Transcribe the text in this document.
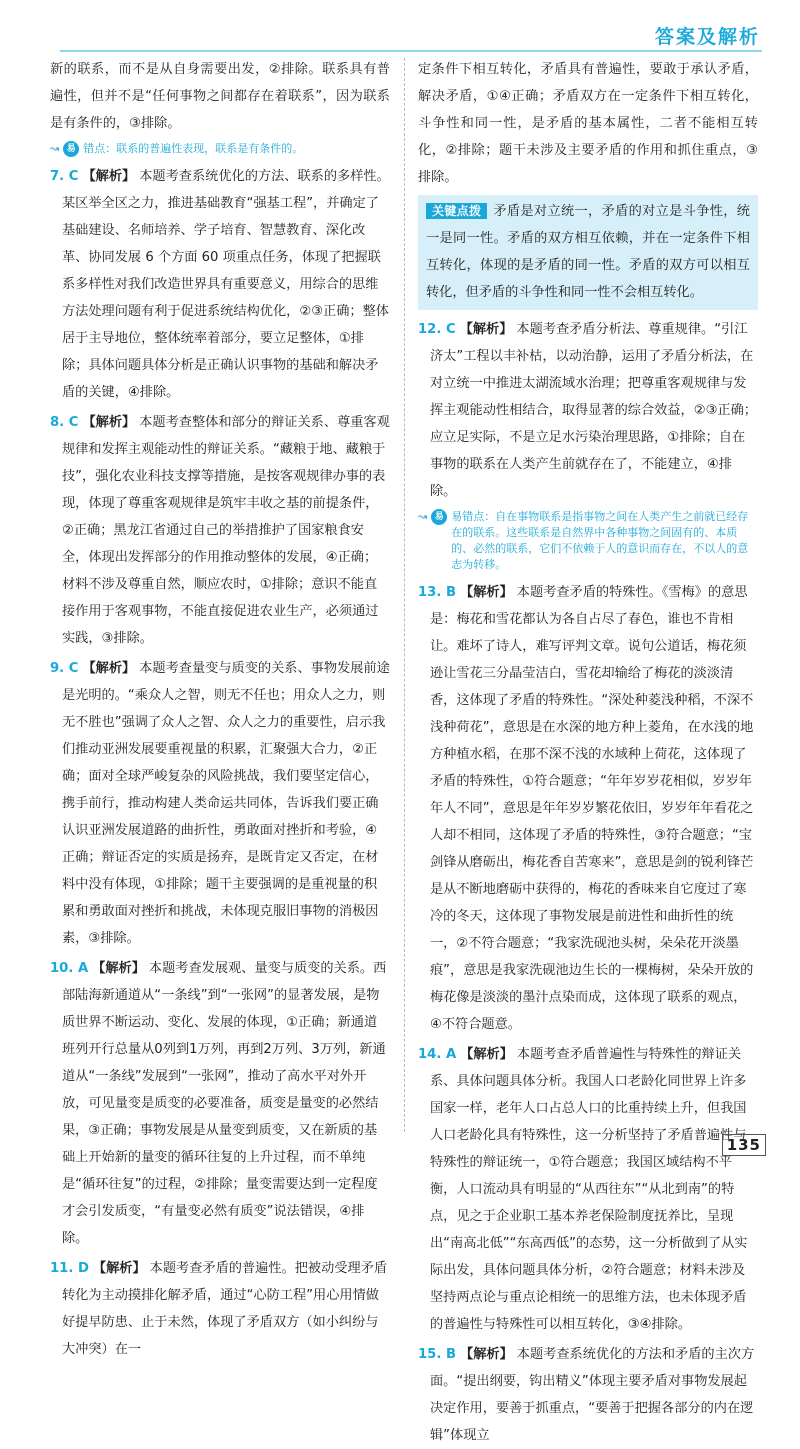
答案及解析

新的联系，而不是从自身需要出发，②排除。联系具有普遍性，但并不是“任何事物之间都存在着联系”，因为联系是有条件的，③排除。

↝ 易 错点：联系的普遍性表现，联系是有条件的。
7. C 【解析】 本题考查系统优化的方法、联系的多样性。某区举全区之力，推进基础教育“强基工程”，并确定了基础建设、名师培养、学子培育、智慧教育、深化改革、协同发展 6 个方面 60 项重点任务，体现了把握联系多样性对我们改造世界具有重要意义，用综合的思维方法处理问题有利于促进系统结构优化，②③正确；整体居于主导地位，整体统率着部分，要立足整体，①排除；具体问题具体分析是正确认识事物的基础和解决矛盾的关键，④排除。
8. C 【解析】 本题考查整体和部分的辩证关系、尊重客观规律和发挥主观能动性的辩证关系。“藏粮于地、藏粮于技”，强化农业科技支撑等措施，是按客观规律办事的表现，体现了尊重客观规律是筑牢丰收之基的前提条件，②正确；黑龙江省通过自己的举措推护了国家粮食安全，体现出发挥部分的作用推动整体的发展，④正确；材料不涉及尊重自然，顺应农时，①排除；意识不能直接作用于客观事物，不能直接促进农业生产，必须通过实践，③排除。
9. C 【解析】 本题考查量变与质变的关系、事物发展前途是光明的。“乘众人之智，则无不任也；用众人之力，则无不胜也”强调了众人之智、众人之力的重要性，启示我们推动亚洲发展要重视量的积累，汇聚强大合力，②正确；面对全球严峻复杂的风险挑战，我们要坚定信心，携手前行，推动构建人类命运共同体，告诉我们要正确认识亚洲发展道路的曲折性，勇敢面对挫折和考验，④正确；辩证否定的实质是扬弃，是既肯定又否定，在材料中没有体现，①排除；题干主要强调的是重视量的积累和勇敢面对挫折和挑战，未体现克服旧事物的消极因素，③排除。
10. A 【解析】 本题考查发展观、量变与质变的关系。西部陆海新通道从“一条线”到“一张网”的显著发展，是物质世界不断运动、变化、发展的体现，①正确；新通道班列开行总量从0列到1万列，再到2万列、3万列，新通道从“一条线”发展到“一张网”，推动了高水平对外开放，可见量变是质变的必要准备，质变是量变的必然结果，③正确；事物发展是从量变到质变，又在新质的基础上开始新的量变的循环往复的上升过程，而不单纯是“循环往复”的过程，②排除；量变需要达到一定程度才会引发质变，“有量变必然有质变”说法错误，④排除。
11. D 【解析】 本题考查矛盾的普遍性。把被动受理矛盾转化为主动摸排化解矛盾，通过“心防工程”用心用情做好提早防患、止于未然，体现了矛盾双方（如小纠纷与大冲突）在一

定条件下相互转化，矛盾具有普遍性，要敢于承认矛盾，解决矛盾，①④正确；矛盾双方在一定条件下相互转化，斗争性和同一性，是矛盾的基本属性，二者不能相互转化，②排除；题干未涉及主要矛盾的作用和抓住重点，③排除。

关键点拨 矛盾是对立统一，矛盾的对立是斗争性，统一是同一性。矛盾的双方相互依赖，并在一定条件下相互转化，体现的是矛盾的同一性。矛盾的双方可以相互转化，但矛盾的斗争性和同一性不会相互转化。
12. C 【解析】 本题考查矛盾分析法、尊重规律。“引江济太”工程以丰补枯，以动治静，运用了矛盾分析法，在对立统一中推进太湖流域水治理；把尊重客观规律与发挥主观能动性相结合，取得显著的综合效益，②③正确；应立足实际，不是立足水污染治理思路，①排除；自在事物的联系在人类产生前就存在了，不能建立，④排除。
↝ 易 易错点：自在事物联系是指事物之间在人类产生之前就已经存在的联系。这些联系是自然界中各种事物之间固有的、本质的、必然的联系，它们不依赖于人的意识而存在，不以人的意志为转移。
13. B 【解析】 本题考查矛盾的特殊性。《雪梅》的意思是：梅花和雪花都认为各自占尽了春色，谁也不肯相让。难坏了诗人，难写评判文章。说句公道话，梅花须逊让雪花三分晶莹洁白，雪花却输给了梅花的淡淡清香，这体现了矛盾的特殊性。“深处种菱浅种稻，不深不浅种荷花”，意思是在水深的地方种上菱角，在水浅的地方种植水稻，在那不深不浅的水域种上荷花，这体现了矛盾的特殊性，①符合题意；“年年岁岁花相似，岁岁年年人不同”，意思是年年岁岁繁花依旧，岁岁年年看花之人却不相同，这体现了矛盾的特殊性，③符合题意；“宝剑锋从磨砺出，梅花香自苦寒来”，意思是剑的锐利锋芒是从不断地磨砺中获得的，梅花的香味来自它度过了寒冷的冬天，这体现了事物发展是前进性和曲折性的统一，②不符合题意；“我家洗砚池头树，朵朵花开淡墨痕”，意思是我家洗砚池边生长的一棵梅树，朵朵开放的梅花像是淡淡的墨汁点染而成，这体现了联系的观点，④不符合题意。
14. A 【解析】 本题考查矛盾普遍性与特殊性的辩证关系、具体问题具体分析。我国人口老龄化同世界上许多国家一样，老年人口占总人口的比重持续上升，但我国人口老龄化具有特殊性，这一分析坚持了矛盾普遍性与特殊性的辩证统一，①符合题意；我国区域结构不平衡，人口流动具有明显的“从西往东”“从北到南”的特点，见之于企业职工基本养老保险制度抚养比，呈现出“南高北低”“东高西低”的态势，这一分析做到了从实际出发，具体问题具体分析，②符合题意；材料未涉及坚持两点论与重点论相统一的思维方法，也未体现矛盾的普遍性与特殊性可以相互转化，③④排除。
15. B 【解析】 本题考查系统优化的方法和矛盾的主次方面。“提出纲要，钩出精义”体现主要矛盾对事物发展起决定作用，要善于抓重点，“要善于把握各部分的内在逻辑”体现立
135
